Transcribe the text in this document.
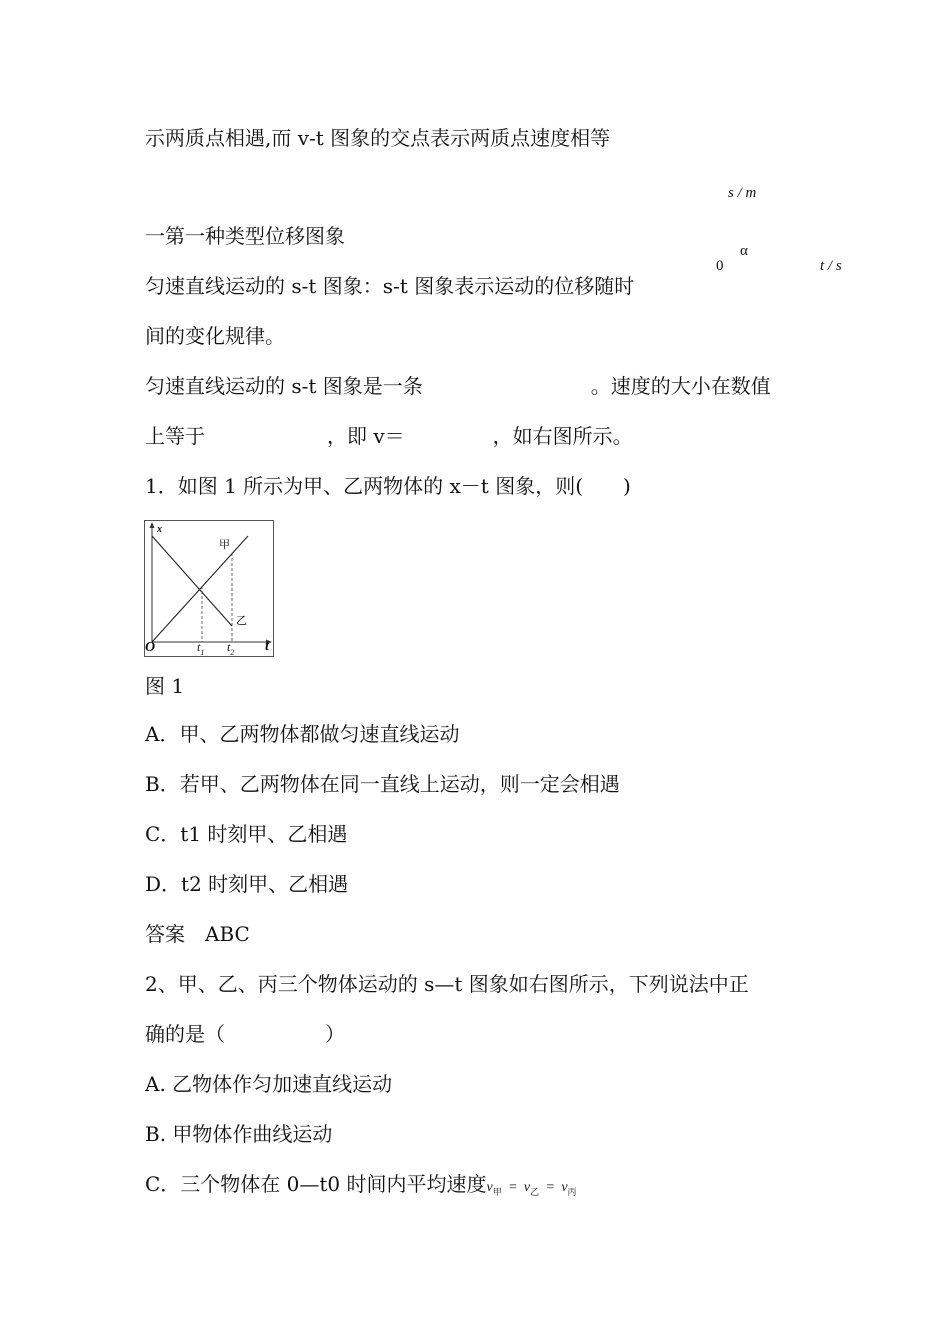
示两质点相遇,而 v-t 图象的交点表示两质点速度相等
s / m
0
α
t / s
一第一种类型位移图象
匀速直线运动的 s-t 图象：s-t 图象表示运动的位移随时
间的变化规律。
匀速直线运动的 s-t 图象是一条	。速度的大小在数值
上等于	，即 v＝	，如右图所示。
1．如图 1 所示为甲、乙两物体的 x－t 图象，则(　　)
x
甲
乙
O	$t_1$ $t_2$ t
图 1
A．甲、乙两物体都做匀速直线运动
B．若甲、乙两物体在同一直线上运动，则一定会相遇
C．t1 时刻甲、乙相遇
D．t2 时刻甲、乙相遇
答案　ABC
2、甲、乙、丙三个物体运动的 s—t 图象如右图所示，下列说法中正
确的是（　　　　　）
A. 乙物体作匀加速直线运动
B. 甲物体作曲线运动
C．三个物体在 0—t0 时间内平均速度$v_甲 = v_乙 = v_丙$
